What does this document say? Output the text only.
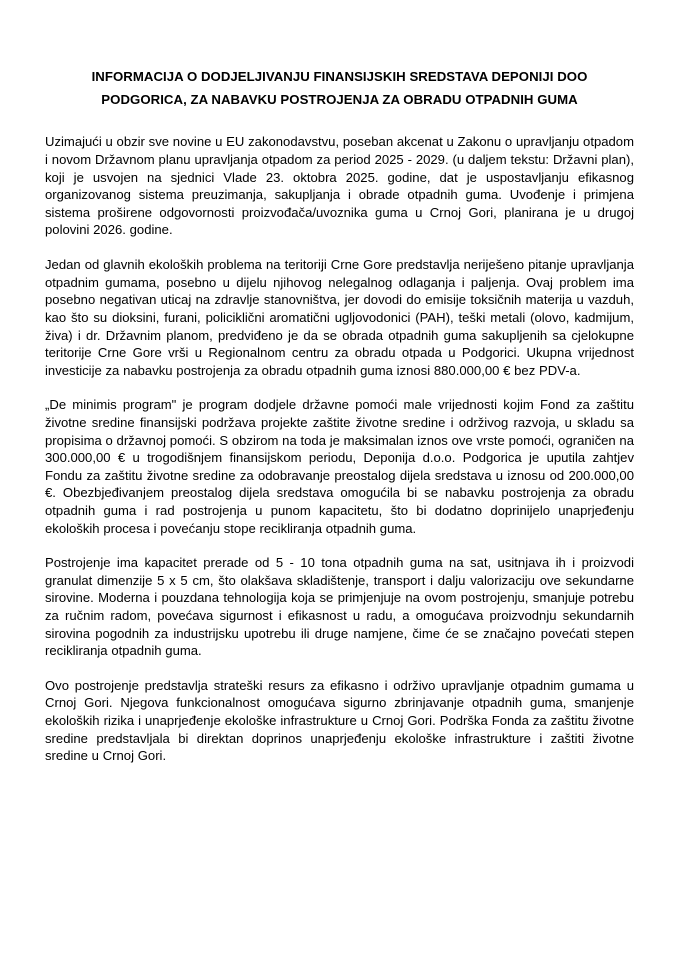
INFORMACIJA O DODJELJIVANJU FINANSIJSKIH SREDSTAVA DEPONIJI DOO PODGORICA, ZA NABAVKU POSTROJENJA ZA OBRADU OTPADNIH GUMA

Uzimajući u obzir sve novine u EU zakonodavstvu, poseban akcenat u Zakonu o upravljanju otpadom i novom Državnom planu upravljanja otpadom za period 2025 - 2029. (u daljem tekstu: Državni plan), koji je usvojen na sjednici Vlade 23. oktobra 2025. godine, dat je uspostavljanju efikasnog organizovanog sistema preuzimanja, sakupljanja i obrade otpadnih guma. Uvođenje i primjena sistema proširene odgovornosti proizvođača/uvoznika guma u Crnoj Gori, planirana je u drugoj polovini 2026. godine.

Jedan od glavnih ekoloških problema na teritoriji Crne Gore predstavlja neriješeno pitanje upravljanja otpadnim gumama, posebno u dijelu njihovog nelegalnog odlaganja i paljenja. Ovaj problem ima posebno negativan uticaj na zdravlje stanovništva, jer dovodi do emisije toksičnih materija u vazduh, kao što su dioksini, furani, policiklični aromatični ugljovodonici (PAH), teški metali (olovo, kadmijum, živa) i dr. Državnim planom, predviđeno je da se obrada otpadnih guma sakupljenih sa cjelokupne teritorije Crne Gore vrši u Regionalnom centru za obradu otpada u Podgorici. Ukupna vrijednost investicije za nabavku postrojenja za obradu otpadnih guma iznosi 880.000,00 € bez PDV-a.

„De minimis program" je program dodjele državne pomoći male vrijednosti kojim Fond za zaštitu životne sredine finansijski podržava projekte zaštite životne sredine i održivog razvoja, u skladu sa propisima o državnoj pomoći. S obzirom na toda je maksimalan iznos ove vrste pomoći, ograničen na 300.000,00 € u trogodišnjem finansijskom periodu, Deponija d.o.o. Podgorica je uputila zahtjev Fondu za zaštitu životne sredine za odobravanje preostalog dijela sredstava u iznosu od 200.000,00 €. Obezbjeđivanjem preostalog dijela sredstava omogućila bi se nabavku postrojenja za obradu otpadnih guma i rad postrojenja u punom kapacitetu, što bi dodatno doprinijelo unaprjeđenju ekoloških procesa i povećanju stope recikliranja otpadnih guma.

Postrojenje ima kapacitet prerade od 5 - 10 tona otpadnih guma na sat, usitnjava ih i proizvodi granulat dimenzije 5 x 5 cm, što olakšava skladištenje, transport i dalju valorizaciju ove sekundarne sirovine. Moderna i pouzdana tehnologija koja se primjenjuje na ovom postrojenju, smanjuje potrebu za ručnim radom, povećava sigurnost i efikasnost u radu, a omogućava proizvodnju sekundarnih sirovina pogodnih za industrijsku upotrebu ili druge namjene, čime će se značajno povećati stepen recikliranja otpadnih guma.

Ovo postrojenje predstavlja strateški resurs za efikasno i održivo upravljanje otpadnim gumama u Crnoj Gori. Njegova funkcionalnost omogućava sigurno zbrinjavanje otpadnih guma, smanjenje ekoloških rizika i unaprjeđenje ekološke infrastrukture u Crnoj Gori. Podrška Fonda za zaštitu životne sredine predstavljala bi direktan doprinos unaprjeđenju ekološke infrastrukture i zaštiti životne sredine u Crnoj Gori.
